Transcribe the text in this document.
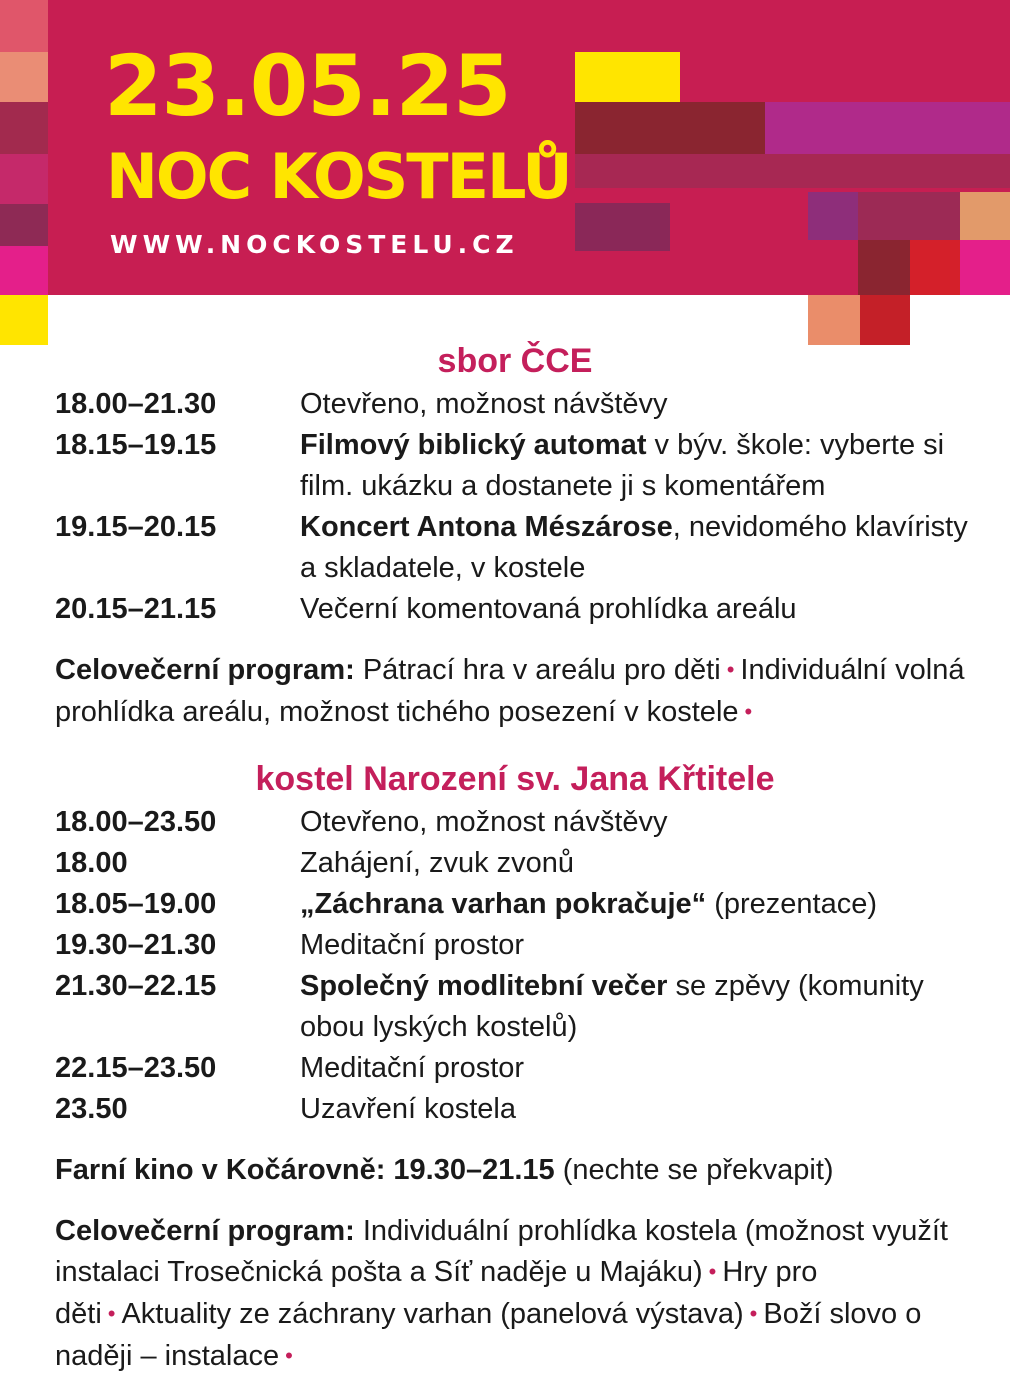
23.05.25
NOC KOSTELŮ
WWW.NOCKOSTELU.CZ
sbor ČCE
18.00–21.30	Otevřeno, možnost návštěvy
18.15–19.15	Filmový biblický automat v býv. škole: vyberte si film. ukázku a dostanete ji s komentářem
19.15–20.15	Koncert Antona Mészárose, nevidomého klavíristy a skladatele, v kostele
20.15–21.15	Večerní komentovaná prohlídka areálu

Celovečerní program: Pátrací hra v areálu pro děti • Individuální volná prohlídka areálu, možnost tichého posezení v kostele •

kostel Narození sv. Jana Křtitele
18.00–23.50	Otevřeno, možnost návštěvy
18.00	Zahájení, zvuk zvonů
18.05–19.00	„Záchrana varhan pokračuje“ (prezentace)
19.30–21.30	Meditační prostor
21.30–22.15	Společný modlitební večer se zpěvy (komunity obou lyských kostelů)
22.15–23.50	Meditační prostor
23.50	Uzavření kostela

Farní kino v Kočárovně: 19.30–21.15 (nechte se překvapit)

Celovečerní program: Individuální prohlídka kostela (možnost využít instalaci Trosečnická pošta a Síť naděje u Majáku) • Hry pro děti • Aktuality ze záchrany varhan (panelová výstava) • Boží slovo o naději – instalace •
